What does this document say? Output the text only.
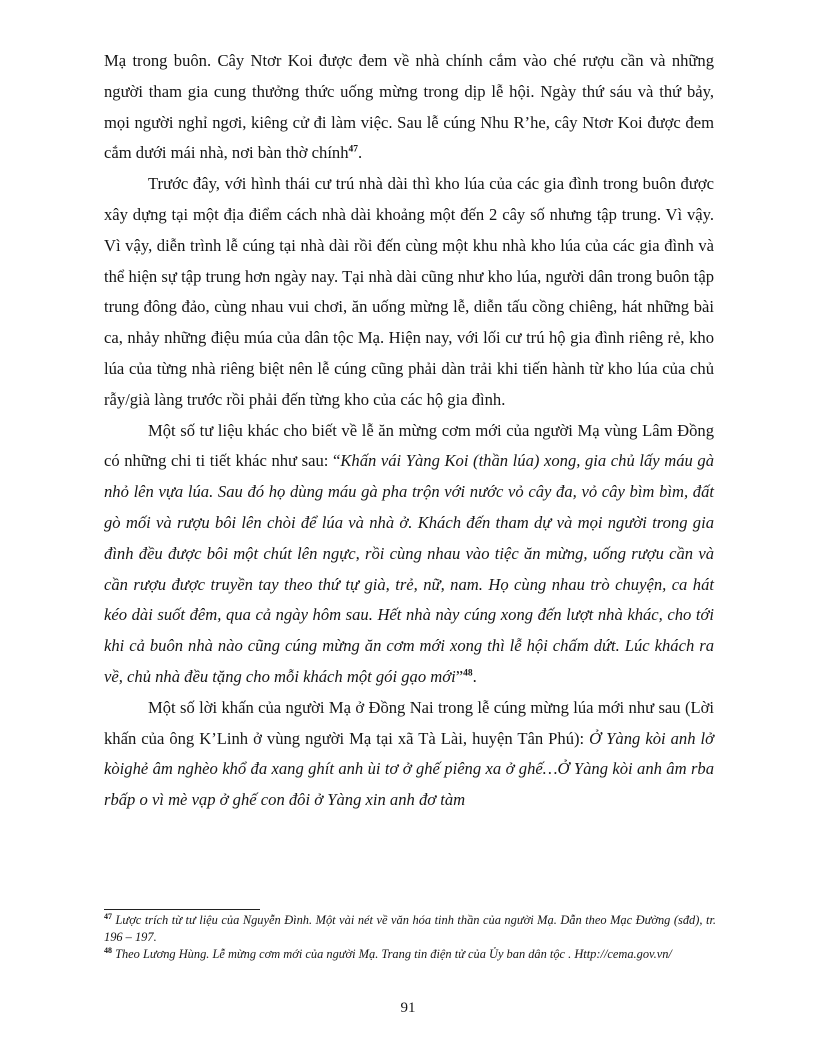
Mạ trong buôn. Cây Ntơr Koi được đem về nhà chính cắm vào ché rượu cần và những người tham gia cung thưởng thức uống mừng trong dịp lễ hội. Ngày thứ sáu và thứ bảy, mọi người nghỉ ngơi, kiêng cử đi làm việc. Sau lễ cúng Nhu R’he, cây Ntơr Koi được đem cắm dưới mái nhà, nơi bàn thờ chính$^{47}$.

Trước đây, với hình thái cư trú nhà dài thì kho lúa của các gia đình trong buôn được xây dựng tại một địa điểm cách nhà dài khoảng một đến 2 cây số nhưng tập trung. Vì vậy. Vì vậy, diễn trình lễ cúng tại nhà dài rồi đến cùng một khu nhà kho lúa của các gia đình và thể hiện sự tập trung hơn ngày nay. Tại nhà dài cũng như kho lúa, người dân trong buôn tập trung đông đảo, cùng nhau vui chơi, ăn uống mừng lễ, diễn tấu cồng chiêng, hát những bài ca, nhảy những điệu múa của dân tộc Mạ. Hiện nay, với lối cư trú hộ gia đình riêng rẻ, kho lúa của từng nhà riêng biệt nên lễ cúng cũng phải dàn trải khi tiến hành từ kho lúa của chủ rẫy/già làng trước rồi phải đến từng kho của các hộ gia đình.

Một số tư liệu khác cho biết về lễ ăn mừng cơm mới của người Mạ vùng Lâm Đồng có những chi ti tiết khác như sau: “Khấn vái Yàng Koi (thần lúa) xong, gia chủ lấy máu gà nhỏ lên vựa lúa. Sau đó họ dùng máu gà pha trộn với nước vỏ cây đa, vỏ cây bìm bìm, đất gò mối và rượu bôi lên chòi để lúa và nhà ở. Khách đến tham dự và mọi người trong gia đình đều được bôi một chút lên ngực, rồi cùng nhau vào tiệc ăn mừng, uống rượu cần và cần rượu được truyền tay theo thứ tự già, trẻ, nữ, nam. Họ cùng nhau trò chuyện, ca hát kéo dài suốt đêm, qua cả ngày hôm sau. Hết nhà này cúng xong đến lượt nhà khác, cho tới khi cả buôn nhà nào cũng cúng mừng ăn cơm mới xong thì lễ hội chấm dứt. Lúc khách ra về, chủ nhà đều tặng cho mỗi khách một gói gạo mới”$^{48}$.

Một số lời khấn của người Mạ ở Đồng Nai trong lễ cúng mừng lúa mới như sau (Lời khấn của ông K’Linh ở vùng người Mạ tại xã Tà Lài, huyện Tân Phú): Ở Yàng kòi anh lở kòighẻ âm nghèo khổ đa xang ghít anh ùi tơ ở ghế piêng xa ở ghế…Ở Yàng kòi anh âm rba rbấp o vì mè vạp ở ghế con đôi ở Yàng xin anh đơ tàm

$^{47}$ Lược trích từ tư liệu của Nguyễn Đình. Một vài nét về văn hóa tinh thần của người Mạ. Dẫn theo Mạc Đường (sđd), tr. 196 – 197.

$^{48}$ Theo Lương Hùng. Lễ mừng cơm mới của người Mạ. Trang tin điện tử của Ủy ban dân tộc . Http://cema.gov.vn/

91
